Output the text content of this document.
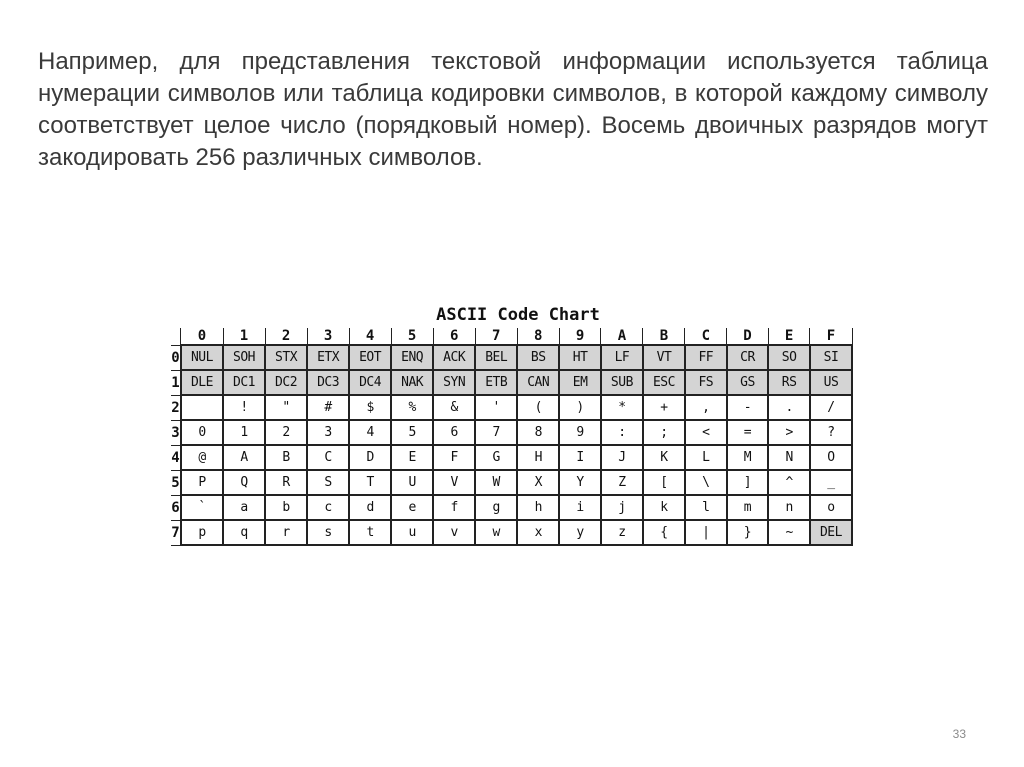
Например, для представления текстовой информации используется таблица нумерации символов или таблица кодировки символов, в которой каждому символу соответствует целое число (порядковый номер). Восемь двоичных разрядов могут закодировать 256 различных символов.

ASCII Code Chart
	0	1	2	3	4	5	6	7	8	9	A	B	C	D	E	F
0	NUL	SOH	STX	ETX	EOT	ENQ	ACK	BEL	BS	HT	LF	VT	FF	CR	SO	SI
1	DLE	DC1	DC2	DC3	DC4	NAK	SYN	ETB	CAN	EM	SUB	ESC	FS	GS	RS	US
2		!	"	#	$	%	&	'	(	)	*	+	,	-	.	/
3	0	1	2	3	4	5	6	7	8	9	:	;	<	=	>	?
4	@	A	B	C	D	E	F	G	H	I	J	K	L	M	N	O
5	P	Q	R	S	T	U	V	W	X	Y	Z	[	\	]	^	_
6	`	a	b	c	d	e	f	g	h	i	j	k	l	m	n	o
7	p	q	r	s	t	u	v	w	x	y	z	{	|	}	~	DEL
33
